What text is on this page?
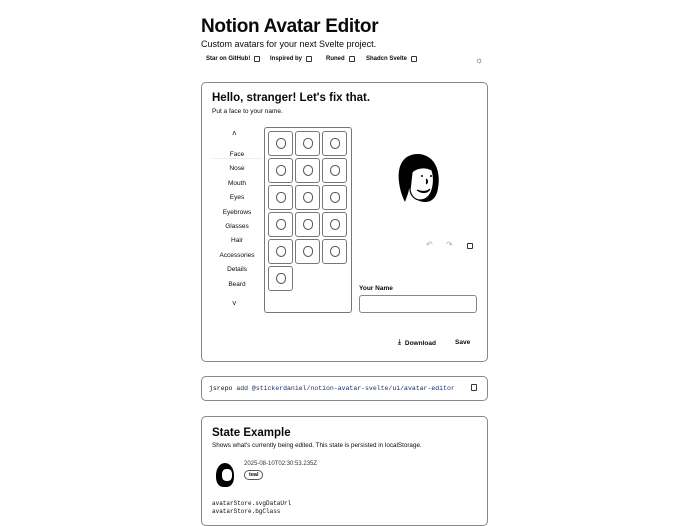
Notion Avatar Editor
Custom avatars for your next Svelte project.
Star on GitHub!	Inspired by	Runed	Shadcn Svelte	☼
Hello, stranger! Let's fix that.
Put a face to your name.
˄
Face
Nose
Mouth
Eyes
Eyebrows
Glasses
Hair
Accessories
Details
Beard
˅
↶ ↷
Your Name
⤓ Download	Save
jsrepo add @stickerdaniel/notion-avatar-svelte/ui/avatar-editor
State Example
Shows what's currently being edited. This state is persisted in localStorage.
2025-08-10T02:30:53.235Z
teal
avatarStore.svgDataUrl
avatarStore.bgClass
